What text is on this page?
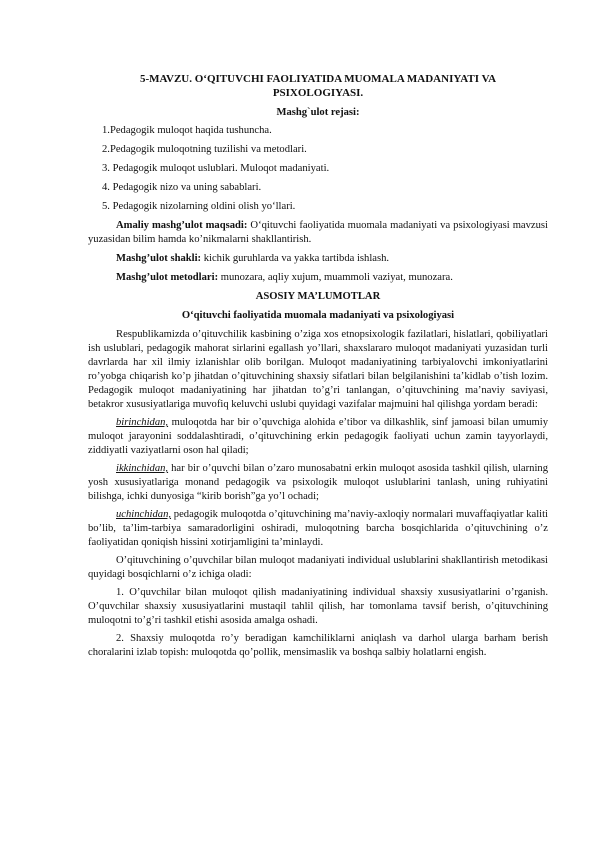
5-MAVZU. O‘QITUVCHI FAOLIYATIDA MUOMALA MADANIYATI VA PSIXOLOGIYASI.

Mashg`ulot rejasi:

1.Pedagogik muloqot haqida tushuncha.
2.Pedagogik muloqotning tuzilishi va metodlari.
3. Pedagogik muloqot uslublari. Muloqot madaniyati.
4. Pedagogik nizo va uning sabablari.
5. Pedagogik nizolarning oldini olish yo‘llari.

Amaliy mashg’ulot maqsadi: O‘qituvchi faoliyatida muomala madaniyati va psixologiyasi mavzusi yuzasidan bilim hamda ko’nikmalarni shakllantirish.

Mashg’ulot shakli: kichik guruhlarda va yakka tartibda ishlash.

Mashg’ulot metodlari: munozara, aqliy xujum, muammoli vaziyat, munozara.

ASOSIY MA’LUMOTLAR

O‘qituvchi faoliyatida muomala madaniyati va psixologiyasi

Respublikamizda o’qituvchilik kasbining o’ziga xos etnopsixologik fazilatlari, hislatlari, qobiliyatlari ish uslublari, pedagogik mahorat sirlarini egallash yo’llari, shaxslararo muloqot madaniyati yuzasidan turli davrlarda har xil ilmiy izlanishlar olib borilgan. Muloqot madaniyatining tarbiyalovchi imkoniyatlarini ro’yobga chiqarish ko’p jihatdan o’qituvchining shaxsiy sifatlari bilan belgilanishini ta’kidlab o’tish lozim. Pedagogik muloqot madaniyatining har jihatdan to’g’ri tanlangan, o’qituvchining ma’naviy saviyasi, betakror xususiyatlariga muvofiq keluvchi uslubi quyidagi vazifalar majmuini hal qilishga yordam beradi:

birinchidan, muloqotda har bir o’quvchiga alohida e’tibor va dilkashlik, sinf jamoasi bilan umumiy muloqot jarayonini soddalashtiradi, o’qituvchining erkin pedagogik faoliyati uchun zamin tayyorlaydi, ziddiyatli vaziyatlarni oson hal qiladi;

ikkinchidan, har bir o’quvchi bilan o’zaro munosabatni erkin muloqot asosida tashkil qilish, ularning yosh xususiyatlariga monand pedagogik va psixologik muloqot uslublarini tanlash, uning ruhiyatini bilishga, ichki dunyosiga “kirib borish”ga yo’l ochadi;

uchinchidan, pedagogik muloqotda o’qituvchining ma’naviy-axloqiy normalari muvaffaqiyatlar kaliti bo’lib, ta’lim-tarbiya samaradorligini oshiradi, muloqotning barcha bosqichlarida o’qituvchining o’z faoliyatidan qoniqish hissini xotirjamligini ta’minlaydi.

O’qituvchining o’quvchilar bilan muloqot madaniyati individual uslublarini shakllantirish metodikasi quyidagi bosqichlarni o’z ichiga oladi:

1. O’quvchilar bilan muloqot qilish madaniyatining individual shaxsiy xususiyatlarini o’rganish. O’quvchilar shaxsiy xususiyatlarini mustaqil tahlil qilish, har tomonlama tavsif berish, o’qituvchining muloqotni to’g’ri tashkil etishi asosida amalga oshadi.

2. Shaxsiy muloqotda ro’y beradigan kamchiliklarni aniqlash va darhol ularga barham berish choralarini izlab topish: muloqotda qo’pollik, mensimaslik va boshqa salbiy holatlarni engish.
